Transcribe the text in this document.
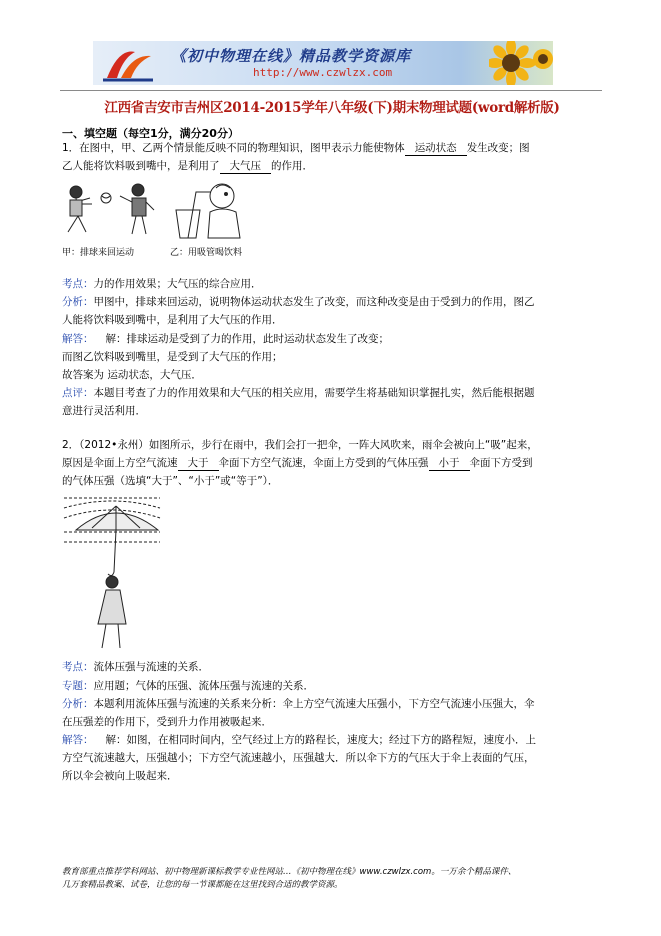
《初中物理在线》精品教学资源库
http://www.czwlzx.com
江西省吉安市吉州区2014-2015学年八年级(下)期末物理试题(word解析版)
一、填空题（每空1分，满分20分）
1．在图中，甲、乙两个情景能反映不同的物理知识，图甲表示力能使物体 运动状态 发生改变；图
乙人能将饮料吸到嘴中，是利用了 大气压 的作用．
甲：排球来回运动	乙：用吸管喝饮料
考点：力的作用效果；大气压的综合应用．
分析：甲图中，排球来回运动，说明物体运动状态发生了改变，而这种改变是由于受到力的作用，图乙
人能将饮料吸到嘴中，是利用了大气压的作用．
解答： 解：排球运动是受到了力的作用，此时运动状态发生了改变；
而图乙饮料吸到嘴里，是受到了大气压的作用；
故答案为 运动状态，大气压．
点评：本题目考查了力的作用效果和大气压的相关应用，需要学生将基础知识掌握扎实，然后能根据题
意进行灵活利用．
2．（2012•永州）如图所示，步行在雨中，我们会打一把伞，一阵大风吹来，雨伞会被向上“吸”起来，
原因是伞面上方空气流速 大于 伞面下方空气流速，伞面上方受到的气体压强 小于 伞面下方受到
的气体压强（选填“大于”、“小于”或“等于”）．
考点：流体压强与流速的关系．
专题：应用题；气体的压强、流体压强与流速的关系．
分析：本题利用流体压强与流速的关系来分析：伞上方空气流速大压强小，下方空气流速小压强大，伞
在压强差的作用下，受到升力作用被吸起来．
解答： 解：如图，在相同时间内，空气经过上方的路程长，速度大；经过下方的路程短，速度小．上
方空气流速越大，压强越小；下方空气流速越小，压强越大．所以伞下方的气压大于伞上表面的气压，
所以伞会被向上吸起来．
教育部重点推荐学科网站、初中物理新课标教学专业性网站…《初中物理在线》www.czwlzx.com。一万余个精品课件、
几万套精品教案、试卷，让您的每一节课都能在这里找到合适的教学资源。
